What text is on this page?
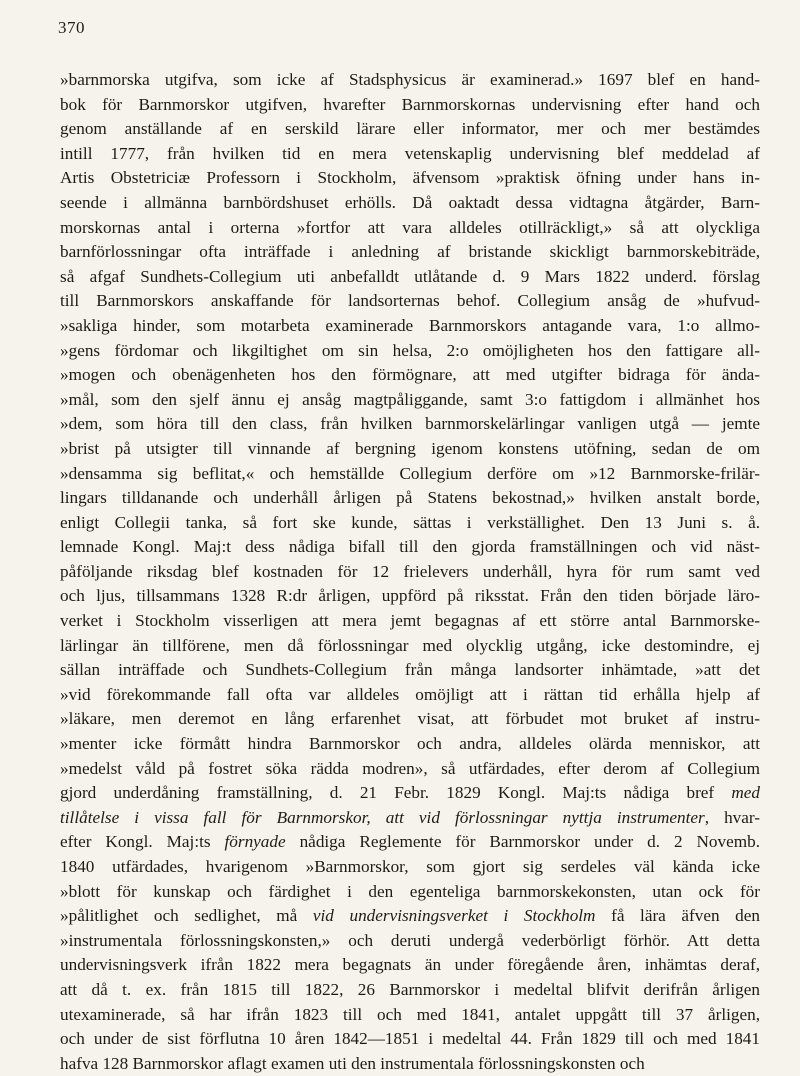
370
»barnmorska utgifva, som icke af Stadsphysicus är examinerad.» 1697 blef en hand-
bok för Barnmorskor utgifven, hvarefter Barnmorskornas undervisning efter hand och
genom anställande af en serskild lärare eller informator, mer och mer bestämdes
intill 1777, från hvilken tid en mera vetenskaplig undervisning blef meddelad af
Artis Obstetriciæ Professorn i Stockholm, äfvensom »praktisk öfning under hans in-
seende i allmänna barnbördshuset erhölls. Då oaktadt dessa vidtagna åtgärder, Barn-
morskornas antal i orterna »fortfor att vara alldeles otillräckligt,» så att olyckliga
barnförlossningar ofta inträffade i anledning af bristande skickligt barnmorskebiträde,
så afgaf Sundhets-Collegium uti anbefalldt utlåtande d. 9 Mars 1822 underd. förslag
till Barnmorskors anskaffande för landsorternas behof. Collegium ansåg de »hufvud-
»sakliga hinder, som motarbeta examinerade Barnmorskors antagande vara, 1:o allmo-
»gens fördomar och likgiltighet om sin helsa, 2:o omöjligheten hos den fattigare all-
»mogen och obenägenheten hos den förmögnare, att med utgifter bidraga för ända-
»mål, som den sjelf ännu ej ansåg magtpåliggande, samt 3:o fattigdom i allmänhet hos
»dem, som höra till den class, från hvilken barnmorskelärlingar vanligen utgå — jemte
»brist på utsigter till vinnande af bergning igenom konstens utöfning, sedan de om
»densamma sig beflitat,« och hemställde Collegium derföre om »12 Barnmorske-frilär-
lingars tilldanande och underhåll årligen på Statens bekostnad,» hvilken anstalt borde,
enligt Collegii tanka, så fort ske kunde, sättas i verkställighet. Den 13 Juni s. å.
lemnade Kongl. Maj:t dess nådiga bifall till den gjorda framställningen och vid näst-
påföljande riksdag blef kostnaden för 12 frielevers underhåll, hyra för rum samt ved
och ljus, tillsammans 1328 R:dr årligen, uppförd på riksstat. Från den tiden började läro-
verket i Stockholm visserligen att mera jemt begagnas af ett större antal Barnmorske-
lärlingar än tillförene, men då förlossningar med olycklig utgång, icke destomindre, ej
sällan inträffade och Sundhets-Collegium från många landsorter inhämtade, »att det
»vid förekommande fall ofta var alldeles omöjligt att i rättan tid erhålla hjelp af
»läkare, men deremot en lång erfarenhet visat, att förbudet mot bruket af instru-
»menter icke förmått hindra Barnmorskor och andra, alldeles olärda menniskor, att
»medelst våld på fostret söka rädda modren», så utfärdades, efter derom af Collegium
gjord underdåning framställning, d. 21 Febr. 1829 Kongl. Maj:ts nådiga bref med
tillåtelse i vissa fall för Barnmorskor, att vid förlossningar nyttja instrumenter, hvar-
efter Kongl. Maj:ts förnyade nådiga Reglemente för Barnmorskor under d. 2 Novemb.
1840 utfärdades, hvarigenom »Barnmorskor, som gjort sig serdeles väl kända icke
»blott för kunskap och färdighet i den egenteliga barnmorskekonsten, utan ock för
»pålitlighet och sedlighet, må vid undervisningsverket i Stockholm få lära äfven den
»instrumentala förlossningskonsten,» och deruti undergå vederbörligt förhör. Att detta
undervisningsverk ifrån 1822 mera begagnats än under föregående åren, inhämtas deraf,
att då t. ex. från 1815 till 1822, 26 Barnmorskor i medeltal blifvit derifrån årligen
utexaminerade, så har ifrån 1823 till och med 1841, antalet uppgått till 37 årligen,
och under de sist förflutna 10 åren 1842—1851 i medeltal 44. Från 1829 till och med 1841
hafva 128 Barnmorskor aflagt examen uti den instrumentala förlossningskonsten och
